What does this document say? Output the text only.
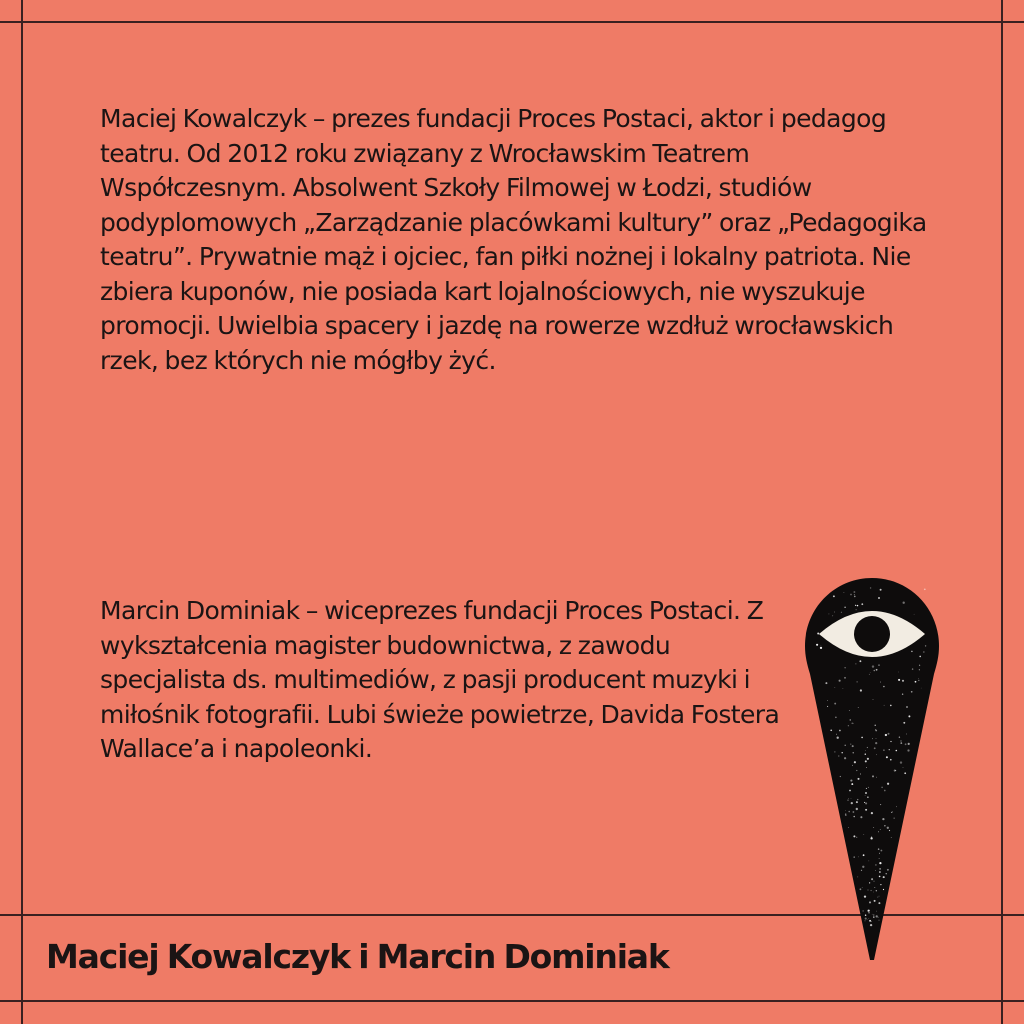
Maciej Kowalczyk – prezes fundacji Proces Postaci, aktor i pedagog teatru. Od 2012 roku związany z Wrocławskim Teatrem Współczesnym. Absolwent Szkoły Filmowej w Łodzi, studiów podyplomowych „Zarządzanie placówkami kultury” oraz „Pedagogika teatru”. Prywatnie mąż i ojciec, fan piłki nożnej i lokalny patriota. Nie zbiera kuponów, nie posiada kart lojalnościowych, nie wyszukuje promocji. Uwielbia spacery i jazdę na rowerze wzdłuż wrocławskich rzek, bez których nie mógłby żyć.

Marcin Dominiak – wiceprezes fundacji Proces Postaci. Z wykształcenia magister budownictwa, z zawodu specjalista ds. multimediów, z pasji producent muzyki i miłośnik fotografii. Lubi świeże powietrze, Davida Fostera Wallace’a i napoleonki.

Maciej Kowalczyk i Marcin Dominiak
